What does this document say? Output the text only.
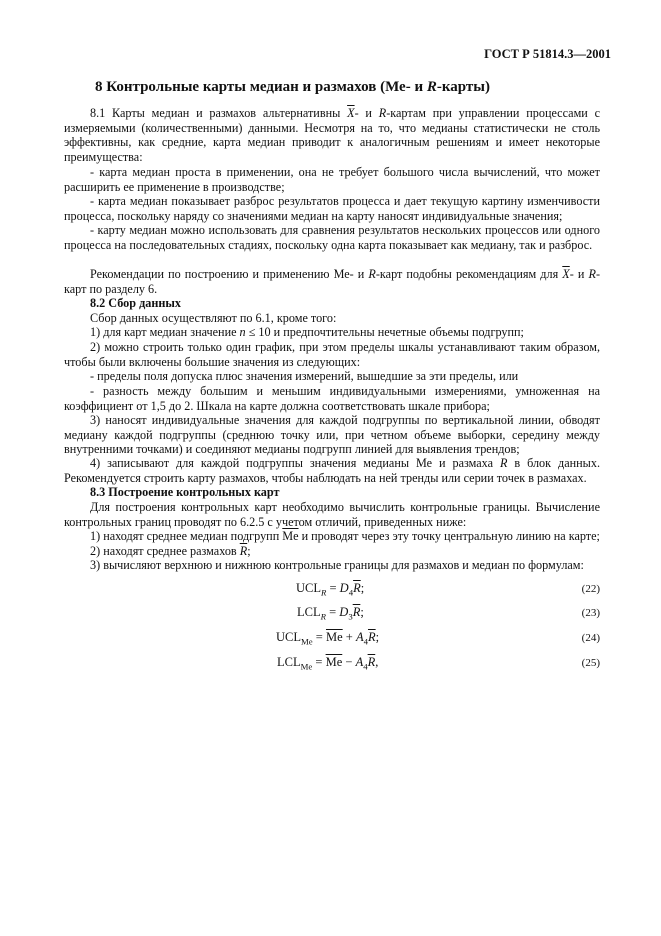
ГОСТ Р 51814.3—2001
8 Контрольные карты медиан и размахов (Ме- и R-карты)

8.1 Карты медиан и размахов альтернативны $\overline{X}-$ и R-картам при управлении процессами с измеряемыми (количественными) данными. Несмотря на то, что медианы статистически не столь эффективны, как средние, карта медиан приводит к аналогичным решениям и имеет некоторые преимущества:

- карта медиан проста в применении, она не требует большого числа вычислений, что может расширить ее применение в производстве;

- карта медиан показывает разброс результатов процесса и дает текущую картину изменчивости процесса, поскольку наряду со значениями медиан на карту наносят индивидуальные значения;

- карту медиан можно использовать для сравнения результатов нескольких процессов или одного процесса на последовательных стадиях, поскольку одна карта показывает как медиану, так и разброс.

Рекомендации по построению и применению Ме- и R-карт подобны рекомендациям для $\overline{X}-$ и R-карт по разделу 6.

8.2 Сбор данных

Сбор данных осуществляют по 6.1, кроме того:

1) для карт медиан значение n ≤ 10 и предпочтительны нечетные объемы подгрупп;

2) можно строить только один график, при этом пределы шкалы устанавливают таким образом, чтобы были включены большие значения из следующих:

- пределы поля допуска плюс значения измерений, вышедшие за эти пределы, или

- разность между большим и меньшим индивидуальными измерениями, умноженная на коэффициент от 1,5 до 2. Шкала на карте должна соответствовать шкале прибора;

3) наносят индивидуальные значения для каждой подгруппы по вертикальной линии, обводят медиану каждой подгруппы (среднюю точку или, при четном объеме выборки, середину между внутренними точками) и соединяют медианы подгрупп линией для выявления трендов;

4) записывают для каждой подгруппы значения медианы Ме и размаха R в блок данных. Рекомендуется строить карту размахов, чтобы наблюдать на ней тренды или серии точек в размахах.

8.3 Построение контрольных карт

Для построения контрольных карт необходимо вычислить контрольные границы. Вычисление контрольных границ проводят по 6.2.5 с учетом отличий, приведенных ниже:

1) находят среднее медиан подгрупп $\overline{Me}$ и проводят через эту точку центральную линию на карте;

2) находят среднее размахов $\overline{R}$;

3) вычисляют верхнюю и нижнюю контрольные границы для размахов и медиан по формулам:

$UCL_R = D_4\overline{R}$;	(22)
$LCL_R = D_3\overline{R}$;	(23)
$UCL_{Me} = \overline{Me} + A_4\overline{R}$;	(24)
$LCL_{Me} = \overline{Me} - A_4\overline{R}$,	(25)
